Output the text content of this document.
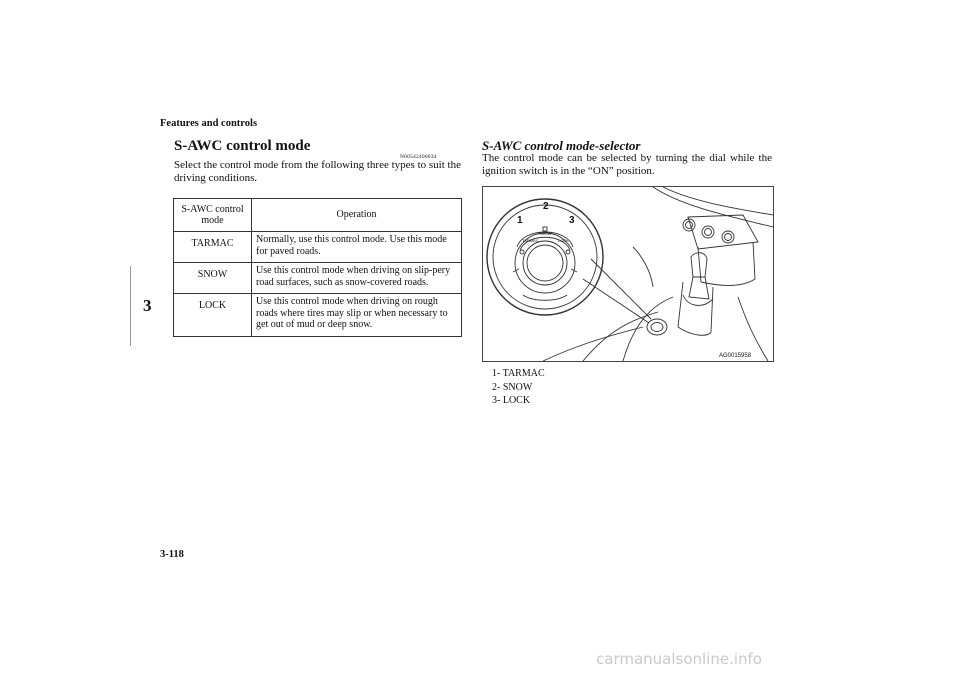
Features and controls
3
S-AWC control mode
N00542400034
Select the control mode from the following three types to suit the driving conditions.
S-AWC control mode	Operation
TARMAC	Normally, use this control mode. Use this mode for paved roads.
SNOW	Use this control mode when driving on slip-pery road surfaces, such as snow-covered roads.
LOCK	Use this control mode when driving on rough roads where tires may slip or when necessary to get out of mud or deep snow.
S-AWC control mode-selector
The control mode can be selected by turning the dial while the ignition switch is in the “ON” position.
1
2
3
TARMAC
SNOW
LOCK
AG0015958
1- TARMAC
2- SNOW
3- LOCK
3-118
carmanualsonline.info
